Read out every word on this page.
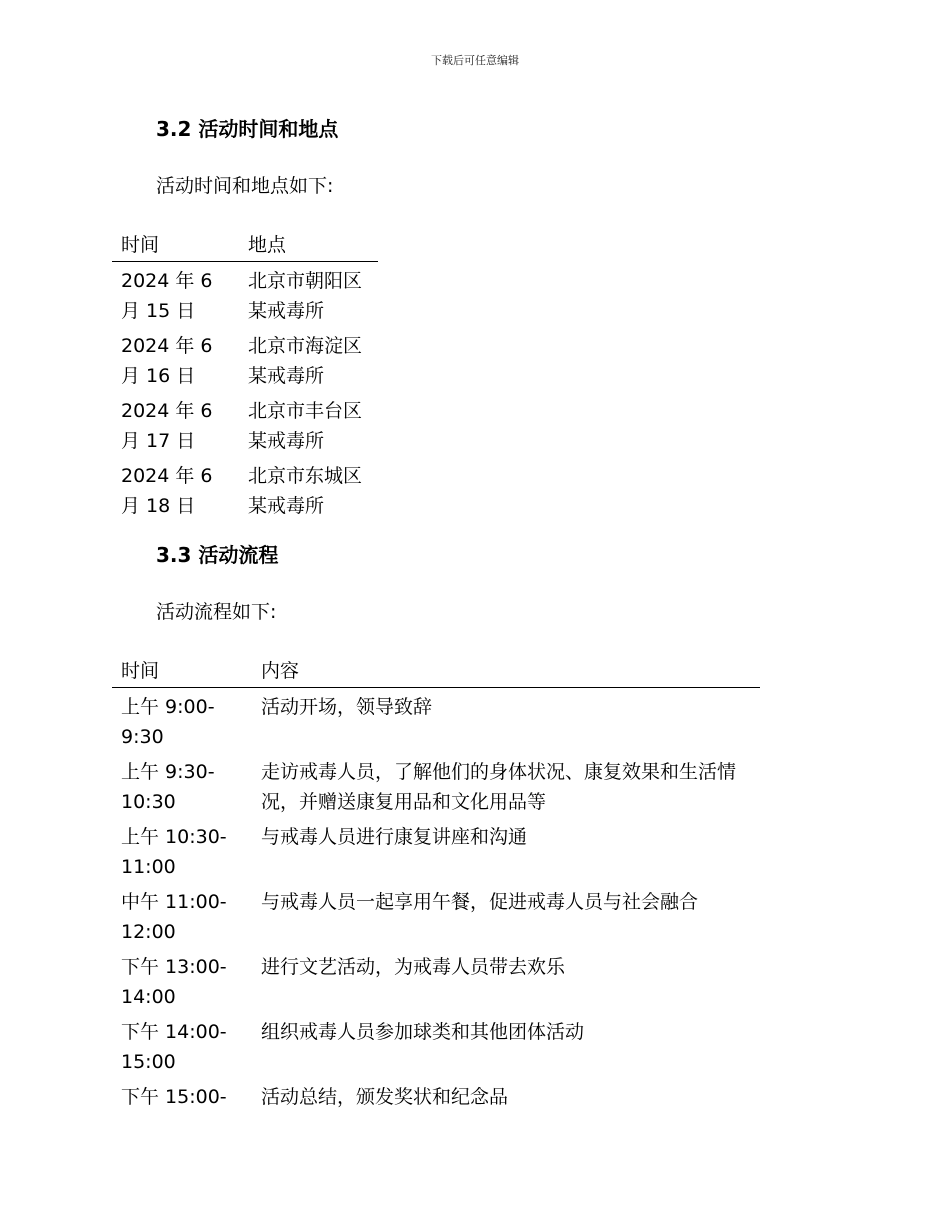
下载后可任意编辑
3.2 活动时间和地点
活动时间和地点如下:
时间	地点
2024 年 6 月 15 日	北京市朝阳区某戒毒所
2024 年 6 月 16 日	北京市海淀区某戒毒所
2024 年 6 月 17 日	北京市丰台区某戒毒所
2024 年 6 月 18 日	北京市东城区某戒毒所
3.3 活动流程
活动流程如下:
时间	内容
上午 9:00-9:30	活动开场，领导致辞
上午 9:30-10:30	走访戒毒人员，了解他们的身体状况、康复效果和生活情况，并赠送康复用品和文化用品等
上午 10:30-11:00	与戒毒人员进行康复讲座和沟通
中午 11:00-12:00	与戒毒人员一起享用午餐，促进戒毒人员与社会融合
下午 13:00-14:00	进行文艺活动，为戒毒人员带去欢乐
下午 14:00-15:00	组织戒毒人员参加球类和其他团体活动
下午 15:00-	活动总结，颁发奖状和纪念品
